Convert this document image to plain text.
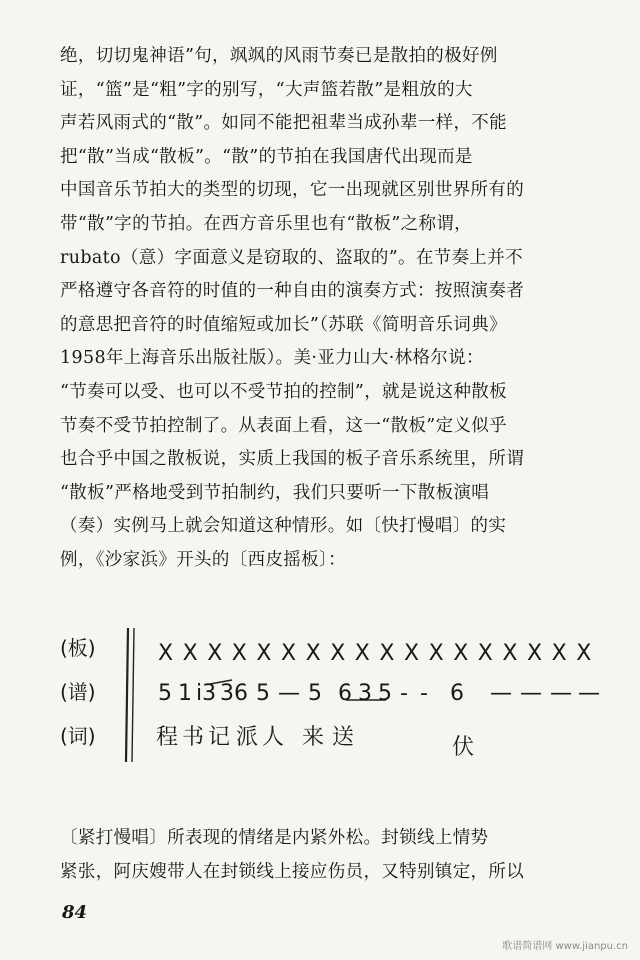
绝，切切鬼神语”句，飒飒的风雨节奏已是散拍的极好例
证，“篮”是“粗”字的别写，“大声篮若散”是粗放的大
声若风雨式的“散”。如同不能把祖辈当成孙辈一样，不能
把“散”当成“散板”。“散”的节拍在我国唐代出现而是
中国音乐节拍大的类型的切现，它一出现就区别世界所有的
带“散”字的节拍。在西方音乐里也有“散板”之称谓，
rubato（意）字面意义是窃取的、盗取的”。在节奏上并不
严格遵守各音符的时值的一种自由的演奏方式：按照演奏者
的意思把音符的时值缩短或加长”（苏联《简明音乐词典》
1958年上海音乐出版社版）。美·亚力山大·林格尔说：
“节奏可以受、也可以不受节拍的控制”，就是说这种散板
节奏不受节拍控制了。从表面上看，这一“散板”定义似乎
也合乎中国之散板说，实质上我国的板子音乐系统里，所谓
“散板”严格地受到节拍制约，我们只要听一下散板演唱
（奏）实例马上就会知道这种情形。如〔快打慢唱〕的实
例，《沙家浜》开头的〔西皮摇板〕：
(板)
(谱)
(词)
X X X X X X X X X X X X X X X X X X
5 1 i3 36 5 — 5 6 3 5 - - 6 — — — —
程 书 记 派 人 来 送	伏
〔紧打慢唱〕所表现的情绪是内紧外松。封锁线上情势
紧张，阿庆嫂带人在封锁线上接应伤员，又特别镇定，所以
84
歌谱简谱网 www.jianpu.cn
